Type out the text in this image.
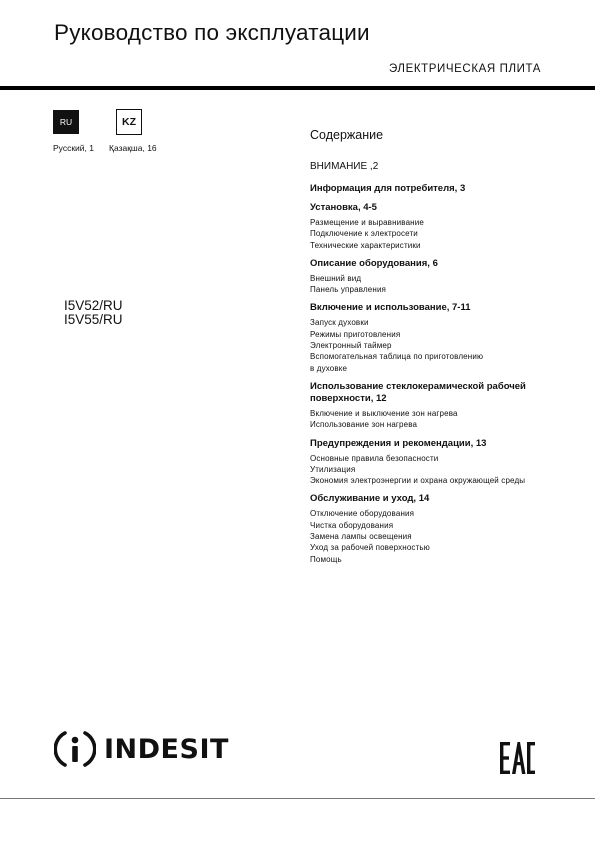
Руководство по эксплуатации
ЭЛЕКТРИЧЕСКАЯ ПЛИТА
RU	KZ
Русский, 1 Қазақша, 16
I5V52/RU
I5V55/RU
Содержание
ВНИМАНИЕ ,2
Информация для потребителя, 3
Установка, 4-5
Размещение и выравнивание
Подключение к электросети
Технические характеристики
Описание оборудования, 6
Внешний вид
Панель управления
Включение и использование, 7-11
Запуск духовки
Режимы приготовления
Электронный таймер
Вспомогательная таблица по приготовлению
в духовке
Использование стеклокерамической рабочей поверхности, 12
Включение и выключение зон нагрева
Использование зон нагрева
Предупреждения и рекомендации, 13
Основные правила безопасности
Утилизация
Экономия электроэнергии и охрана окружающей среды
Обслуживание и уход, 14
Отключение оборудования
Чистка оборудования
Замена лампы освещения
Уход за рабочей поверхностью
Помощь
INDESIT
